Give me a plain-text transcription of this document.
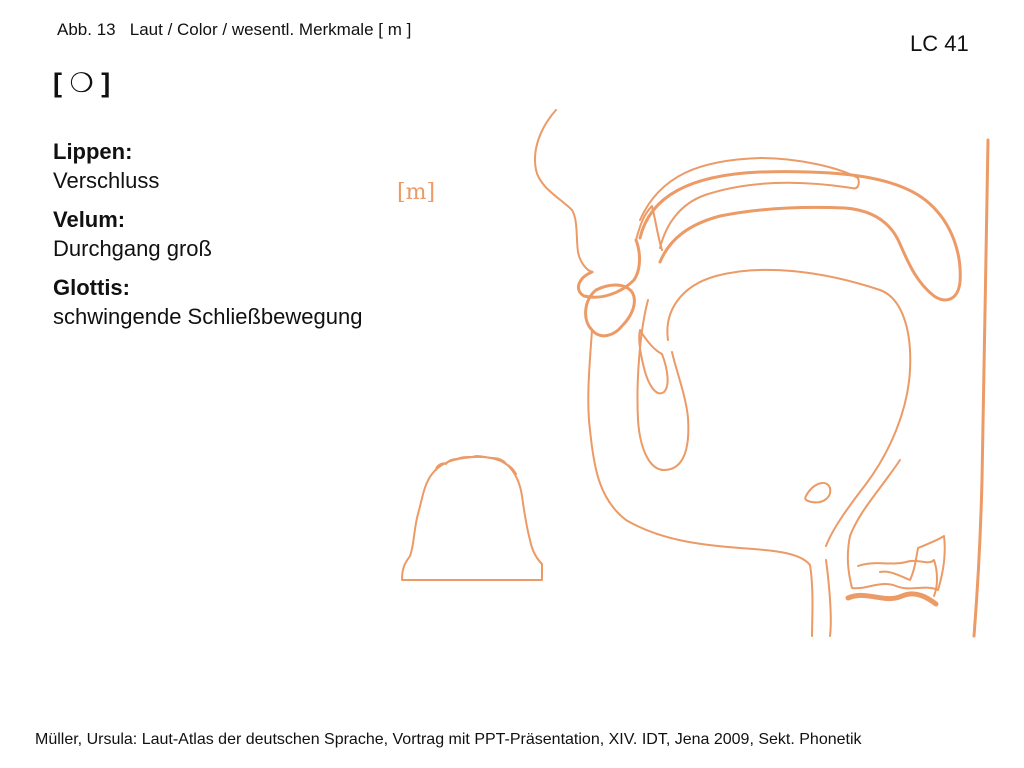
Abb. 13   Laut / Color / wesentl. Merkmale [ m ]
LC 41
[ ❍ ]
Lippen:
Verschluss
Velum:
Durchgang groß
Glottis:
schwingende Schließbewegung
[m]
Müller, Ursula: Laut-Atlas der deutschen Sprache, Vortrag mit PPT-Präsentation, XIV. IDT, Jena 2009, Sekt. Phonetik
